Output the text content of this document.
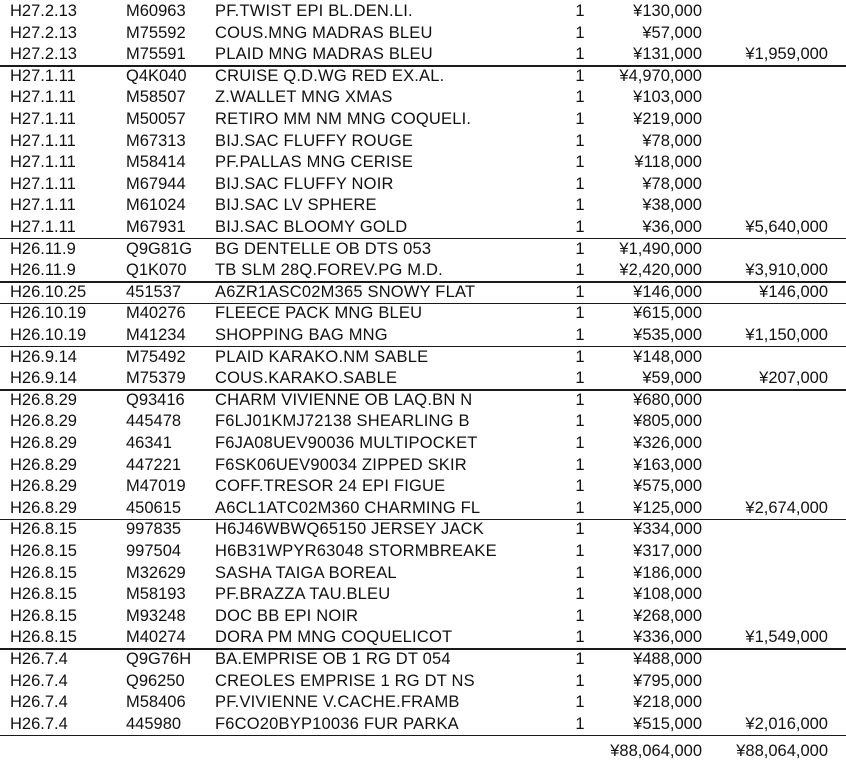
H27.2.13	M60963 PF.TWIST EPI BL.DEN.LI.	1	¥130,000
H27.2.13	M75592 COUS.MNG MADRAS BLEU	1	¥57,000
H27.2.13	M75591 PLAID MNG MADRAS BLEU	1	¥131,000	¥1,959,000
H27.1.11	Q4K040 CRUISE Q.D.WG RED EX.AL.	1 ¥4,970,000
H27.1.11	M58507 Z.WALLET MNG XMAS	1	¥103,000
H27.1.11	M50057 RETIRO MM NM MNG COQUELI.	1	¥219,000
H27.1.11	M67313 BIJ.SAC FLUFFY ROUGE	1	¥78,000
H27.1.11	M58414 PF.PALLAS MNG CERISE	1	¥118,000
H27.1.11	M67944 BIJ.SAC FLUFFY NOIR	1	¥78,000
H27.1.11	M61024 BIJ.SAC LV SPHERE	1	¥38,000
H27.1.11	M67931 BIJ.SAC BLOOMY GOLD	1	¥36,000	¥5,640,000
H26.11.9	Q9G81G BG DENTELLE OB DTS 053	1 ¥1,490,000
H26.11.9	Q1K070 TB SLM 28Q.FOREV.PG M.D.	1 ¥2,420,000	¥3,910,000
H26.10.25 451537 A6ZR1ASC02M365 SNOWY FLAT	1	¥146,000	¥146,000
H26.10.19 M40276 FLEECE PACK MNG BLEU	1	¥615,000
H26.10.19 M41234 SHOPPING BAG MNG	1	¥535,000	¥1,150,000
H26.9.14	M75492 PLAID KARAKO.NM SABLE	1	¥148,000
H26.9.14	M75379 COUS.KARAKO.SABLE	1	¥59,000	¥207,000
H26.8.29	Q93416 CHARM VIVIENNE OB LAQ.BN N	1	¥680,000
H26.8.29	445478 F6LJ01KMJ72138 SHEARLING B	1	¥805,000
H26.8.29	46341	F6JA08UEV90036 MULTIPOCKET	1	¥326,000
H26.8.29	447221 F6SK06UEV90034 ZIPPED SKIR	1	¥163,000
H26.8.29	M47019 COFF.TRESOR 24 EPI FIGUE	1	¥575,000
H26.8.29	450615 A6CL1ATC02M360 CHARMING FL	1	¥125,000	¥2,674,000
H26.8.15	997835 H6J46WBWQ65150 JERSEY JACK	1	¥334,000
H26.8.15	997504 H6B31WPYR63048 STORMBREAKE	1	¥317,000
H26.8.15	M32629 SASHA TAIGA BOREAL	1	¥186,000
H26.8.15	M58193 PF.BRAZZA TAU.BLEU	1	¥108,000
H26.8.15	M93248 DOC BB EPI NOIR	1	¥268,000
H26.8.15	M40274 DORA PM MNG COQUELICOT	1	¥336,000	¥1,549,000
H26.7.4	Q9G76H BA.EMPRISE OB 1 RG DT 054	1	¥488,000
H26.7.4	Q96250 CREOLES EMPRISE 1 RG DT NS	1	¥795,000
H26.7.4	M58406 PF.VIVIENNE V.CACHE.FRAMB	1	¥218,000
H26.7.4	445980 F6CO20BYP10036 FUR PARKA	1	¥515,000	¥2,016,000
¥88,064,000 ¥88,064,000
